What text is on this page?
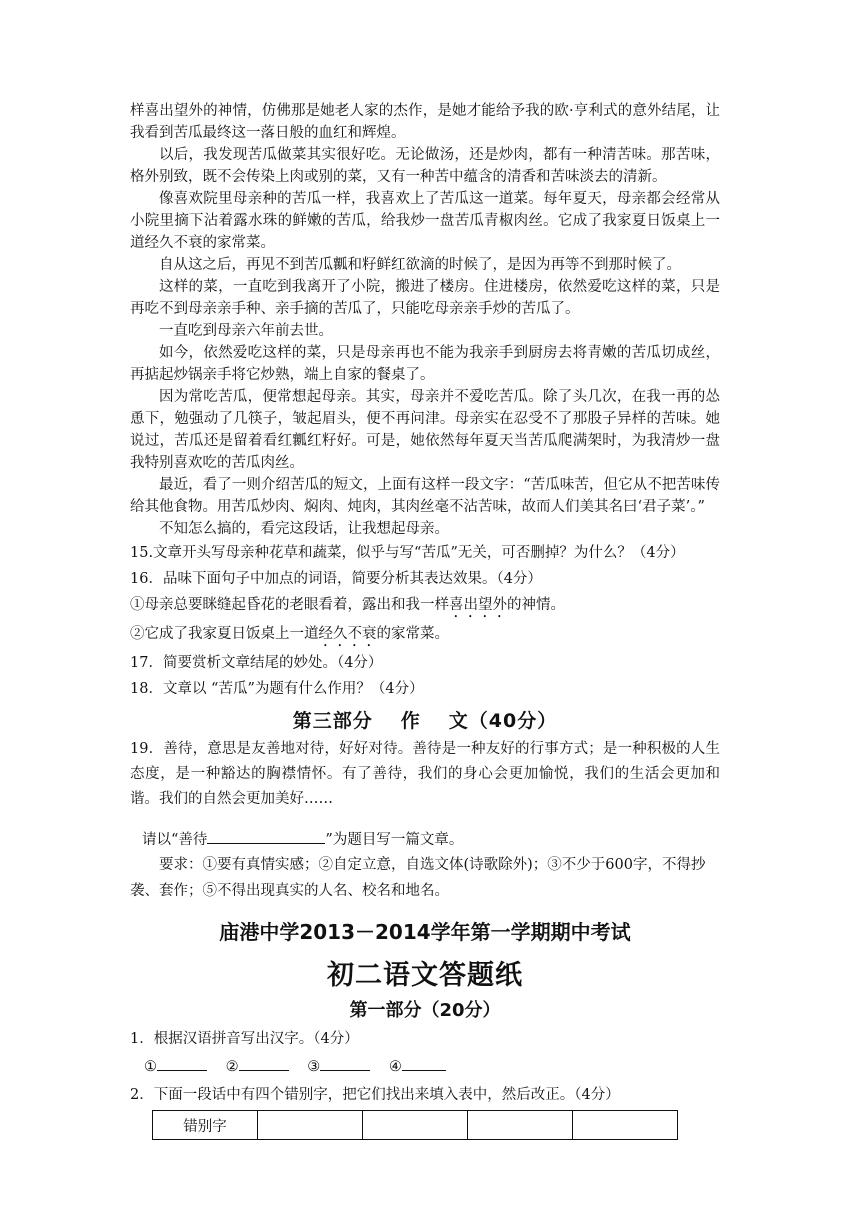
样喜出望外的神情，仿佛那是她老人家的杰作，是她才能给予我的欧·亨利式的意外结尾，让我看到苦瓜最终这一落日般的血红和辉煌。

以后，我发现苦瓜做菜其实很好吃。无论做汤，还是炒肉，都有一种清苦味。那苦味，格外别致，既不会传染上肉或别的菜，又有一种苦中蕴含的清香和苦味淡去的清新。

像喜欢院里母亲种的苦瓜一样，我喜欢上了苦瓜这一道菜。每年夏天，母亲都会经常从小院里摘下沾着露水珠的鲜嫩的苦瓜，给我炒一盘苦瓜青椒肉丝。它成了我家夏日饭桌上一道经久不衰的家常菜。

自从这之后，再见不到苦瓜瓤和籽鲜红欲滴的时候了，是因为再等不到那时候了。

这样的菜，一直吃到我离开了小院，搬进了楼房。住进楼房，依然爱吃这样的菜，只是再吃不到母亲亲手种、亲手摘的苦瓜了，只能吃母亲亲手炒的苦瓜了。

一直吃到母亲六年前去世。

如今，依然爱吃这样的菜，只是母亲再也不能为我亲手到厨房去将青嫩的苦瓜切成丝，再掂起炒锅亲手将它炒熟，端上自家的餐桌了。

因为常吃苦瓜，便常想起母亲。其实，母亲并不爱吃苦瓜。除了头几次，在我一再的怂恿下，勉强动了几筷子，皱起眉头，便不再问津。母亲实在忍受不了那股子异样的苦味。她说过，苦瓜还是留着看红瓤红籽好。可是，她依然每年夏天当苦瓜爬满架时，为我清炒一盘我特别喜欢吃的苦瓜肉丝。

最近，看了一则介绍苦瓜的短文，上面有这样一段文字：“苦瓜味苦，但它从不把苦味传给其他食物。用苦瓜炒肉、焖肉、炖肉，其肉丝毫不沾苦味，故而人们美其名曰‘君子菜’。”

不知怎么搞的，看完这段话，让我想起母亲。

15.文章开头写母亲种花草和蔬菜，似乎与写“苦瓜”无关，可否删掉？为什么？（4分）

16．品味下面句子中加点的词语，简要分析其表达效果。（4分）

①母亲总要眯缝起昏花的老眼看着，露出和我一样喜出望外的神情。

②它成了我家夏日饭桌上一道经久不衰的家常菜。

17．简要赏析文章结尾的妙处。（4分）

18．文章以 “苦瓜”为题有什么作用？（4分）

第三部分 作 文（40分）

19．善待，意思是友善地对待，好好对待。善待是一种友好的行事方式；是一种积极的人生态度，是一种豁达的胸襟情怀。有了善待，我们的身心会更加愉悦，我们的生活会更加和谐。我们的自然会更加美好……

请以“善待	”为题目写一篇文章。

要求：①要有真情实感；②自定立意，自选文体(诗歌除外)；③不少于600字，不得抄袭、套作；⑤不得出现真实的人名、校名和地名。

庙港中学2013－2014学年第一学期期中考试
初二语文答题纸
第一部分（20分）

1．根据汉语拼音写出汉字。（4分）

①	②	③	④

2．下面一段话中有四个错别字，把它们找出来填入表中，然后改正。（4分）

错别字				
